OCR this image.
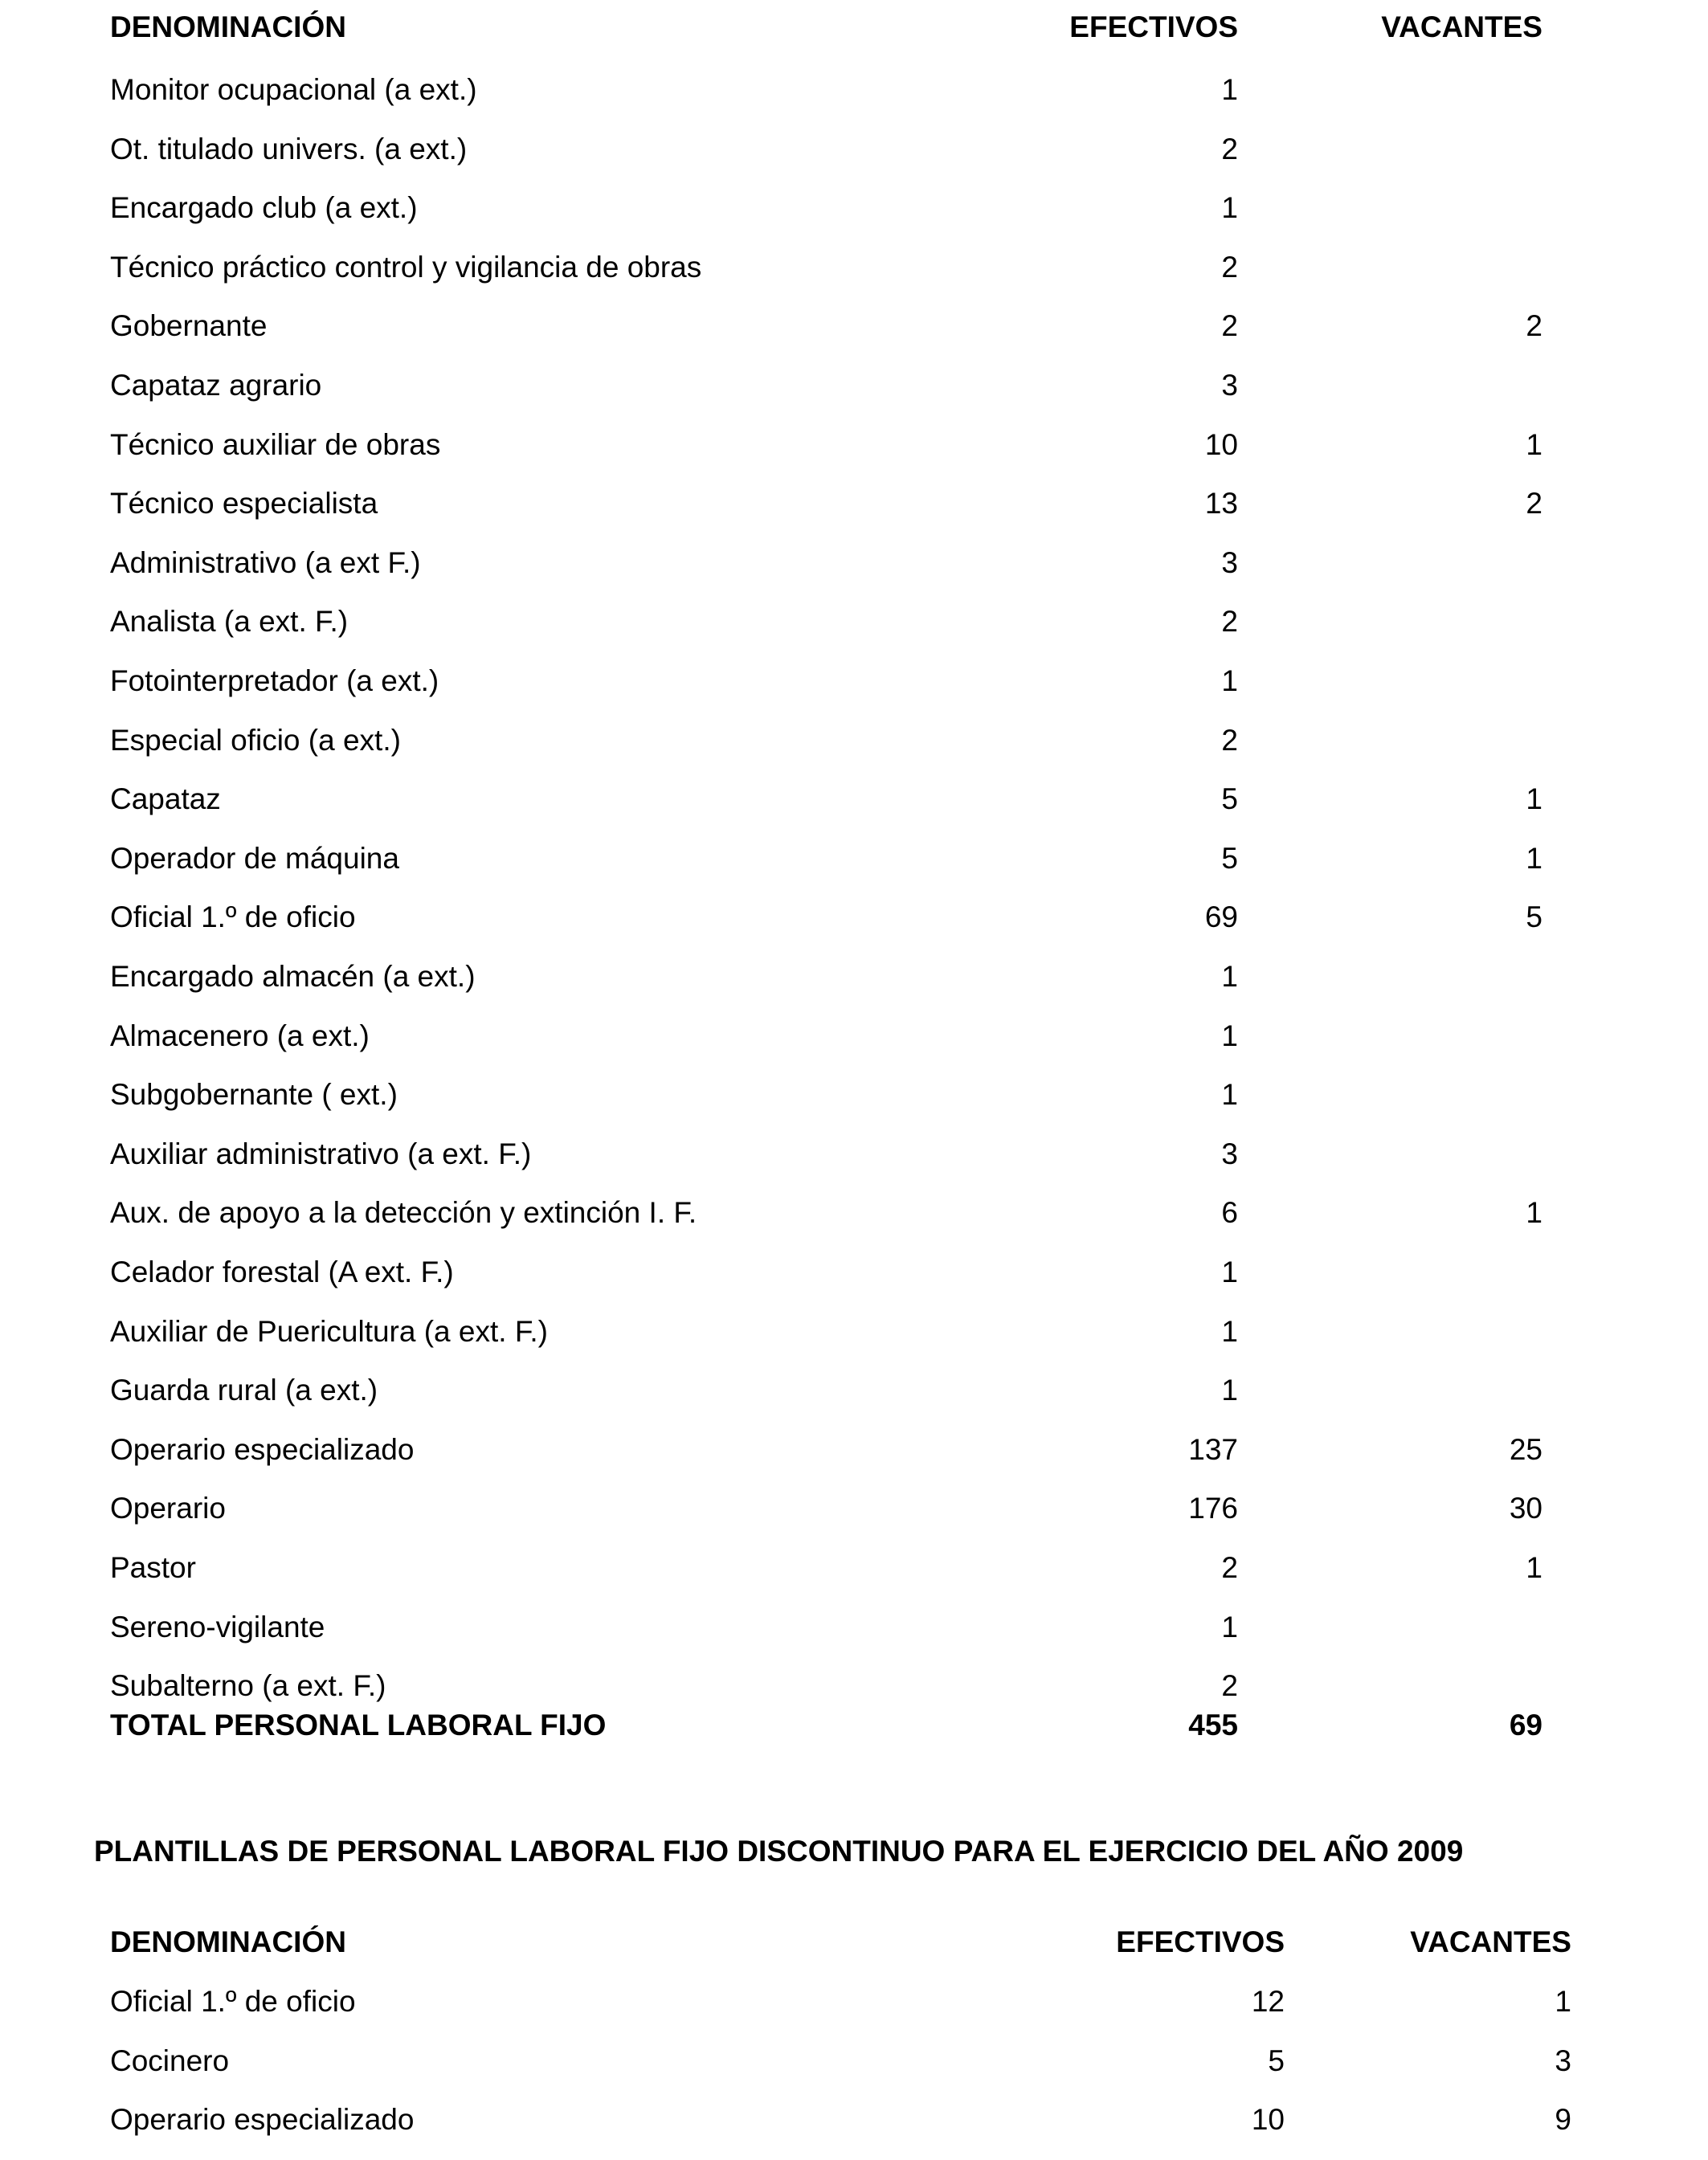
DENOMINACIÓN	EFECTIVOS	VACANTES
Monitor ocupacional (a ext.)	1
Ot. titulado univers. (a ext.)	2
Encargado club (a ext.)	1
Técnico práctico control y vigilancia de obras	2
Gobernante	2	2
Capataz agrario	3
Técnico auxiliar de obras	10	1
Técnico especialista	13	2
Administrativo (a ext F.)	3
Analista (a ext. F.)	2
Fotointerpretador (a ext.)	1
Especial oficio (a ext.)	2
Capataz	5	1
Operador de máquina	5	1
Oficial 1.º de oficio	69	5
Encargado almacén (a ext.)	1
Almacenero (a ext.)	1
Subgobernante ( ext.)	1
Auxiliar administrativo (a ext. F.)	3
Aux. de apoyo a la detección y extinción I. F.	6	1
Celador forestal (A ext. F.)	1
Auxiliar de Puericultura (a ext. F.)	1
Guarda rural (a ext.)	1
Operario especializado	137	25
Operario	176	30
Pastor	2	1
Sereno-vigilante	1
Subalterno (a ext. F.)	2
TOTAL PERSONAL LABORAL FIJO	455	69
PLANTILLAS DE PERSONAL LABORAL FIJO DISCONTINUO PARA EL EJERCICIO DEL AÑO 2009
DENOMINACIÓN	EFECTIVOS	VACANTES
Oficial 1.º de oficio	12	1
Cocinero	5	3
Operario especializado	10	9
